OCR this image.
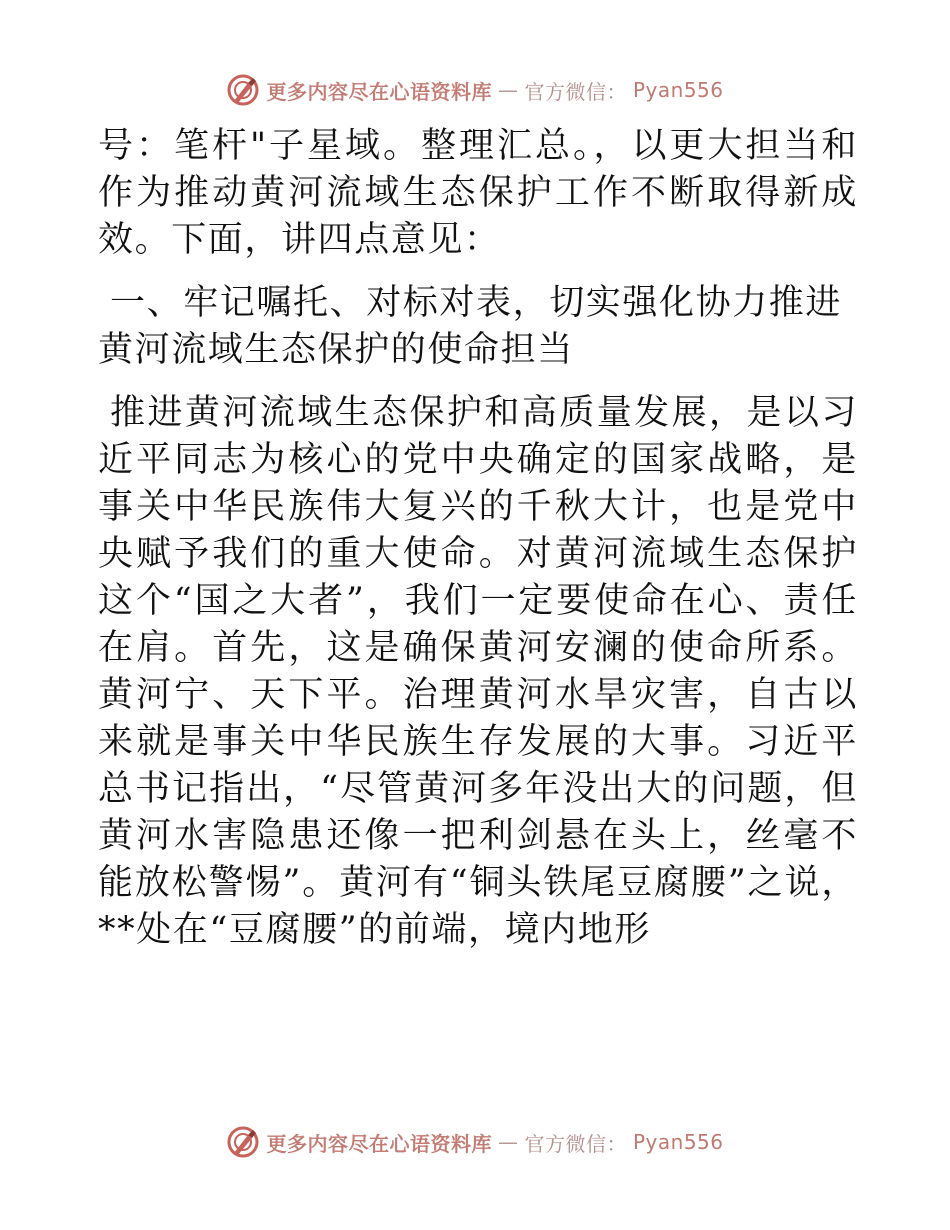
更多内容尽在心语资料库 — 官方微信： Pyan556

号：笔杆"子星域。整理汇总。，以更大担当和作为推动黄河流域生态保护工作不断取得新成效。下面，讲四点意见：

一、牢记嘱托、对标对表，切实强化协力推进黄河流域生态保护的使命担当

推进黄河流域生态保护和高质量发展，是以习近平同志为核心的党中央确定的国家战略，是事关中华民族伟大复兴的千秋大计，也是党中央赋予我们的重大使命。对黄河流域生态保护这个“国之大者”，我们一定要使命在心、责任在肩。首先，这是确保黄河安澜的使命所系。黄河宁、天下平。治理黄河水旱灾害，自古以来就是事关中华民族生存发展的大事。习近平总书记指出，“尽管黄河多年没出大的问题，但黄河水害隐患还像一把利剑悬在头上，丝毫不能放松警惕”。黄河有“铜头铁尾豆腐腰”之说，**处在“豆腐腰”的前端，境内地形

更多内容尽在心语资料库 — 官方微信： Pyan556
